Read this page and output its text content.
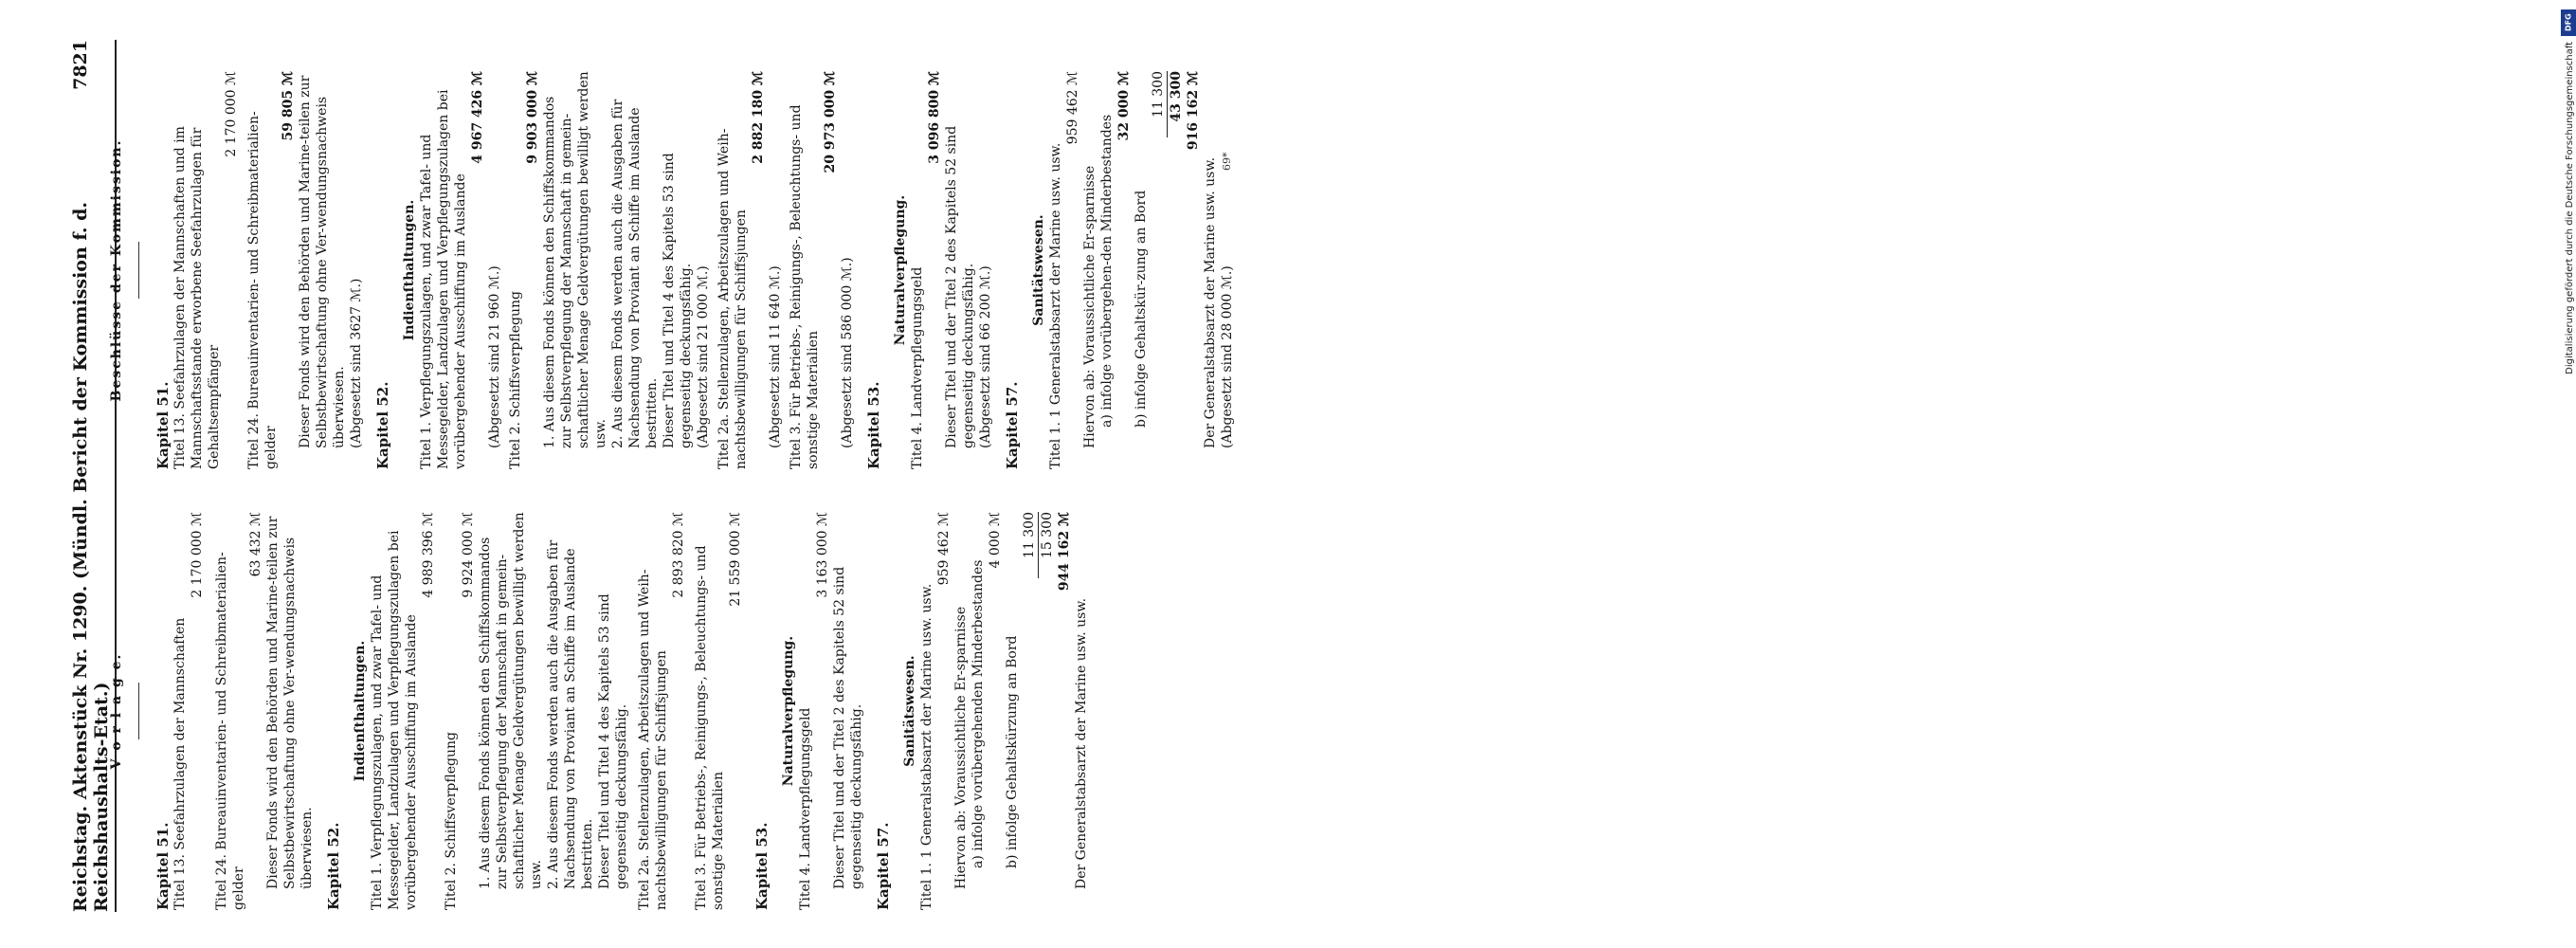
Reichstag. Aktenstück Nr. 1290. (Mündl. Bericht der Kommission f. d. Reichshaushalts-Etat.)
7821
V o r l a g e.
Kapitel 51. Titel 13. Seefahrzulagen der Mannschaften

2 170 000 ℳ Titel 24. Bureauinventarien- und Schreibmaterialien-gelder

63 432 ℳ Dieser Fonds wird den Behörden und Marine-teilen zur Selbstbewirtschaftung ohne Ver-wendungsnachweis überwiesen. Kapitel 52.
Indienſthaltungen. Titel 1. Verpflegungszulagen, und zwar Tafel- und Messegelder, Landzulagen und Verpflegungszulagen bei vorübergehender Ausschiffung im Auslande

4 989 396 ℳ

Titel 2. Schiffsverpflegung

9 924 000 ℳ 1. Aus diesem Fonds können den Schiffskommandos zur Selbstverpflegung der Mannschaft in gemein-schaftlicher Menage Geldvergütungen bewilligt werden usw. 2. Aus diesem Fonds werden auch die Ausgaben für Nachsendung von Proviant an Schiffe im Auslande bestritten. Dieser Titel und Titel 4 des Kapitels 53 sind gegenseitig deckungsfähig. Titel 2a. Stellenzulagen, Arbeitszulagen und Weih-nachtsbewilligungen für Schiffsjungen

2 893 820 ℳ Titel 3. Für Betriebs-, Reinigungs-, Beleuchtungs- und sonstige Materialien

21 559 000 ℳ
Kapitel 53.
Naturalverpflegung. Titel 4. Landverpflegungsgeld

3 163 000 ℳ

Dieser Titel und der Titel 2 des Kapitels 52 sind gegenseitig deckungsfähig. Kapitel 57.
Sanitätswesen. Titel 1. 1 Generalstabsarzt der Marine usw. usw.

959 462 ℳ

Hiervon ab: Voraussichtliche Er-sparnisse a) infolge vorübergehenden Minderbestandes

4 000 ℳ

b) infolge Gehaltskürzung an Bord

11 300 15 300 944 162 ℳ

Der Generalstabsarzt der Marine usw. usw.

Beschlüsse der Kommission.
Kapitel 51. Titel 13. Seefahrzulagen der Mannschaften und im Mannschaftsstande erworbene Seefahrzulagen für Gehaltsempfänger

2 170 000 ℳ Titel 24. Bureauinventarien- und Schreibmaterialien-gelder

59 805 ℳ Dieser Fonds wird den Behörden und Marine-teilen zur Selbstbewirtschaftung ohne Ver-wendungsnachweis überwiesen. (Abgesetzt sind 3627 ℳ.) Kapitel 52.
Indienſthaltungen. Titel 1. Verpflegungszulagen, und zwar Tafel- und Messegelder, Landzulagen und Verpflegungszulagen bei vorübergehender Ausschiffung im Auslande

4 967 426 ℳ

(Abgesetzt sind 21 960 ℳ.) Titel 2. Schiffsverpflegung

9 903 000 ℳ 1. Aus diesem Fonds können den Schiffskommandos zur Selbstverpflegung der Mannschaft in gemein-schaftlicher Menage Geldvergütungen bewilligt werden usw. 2. Aus diesem Fonds werden auch die Ausgaben für Nachsendung von Proviant an Schiffe im Auslande bestritten. Dieser Titel und Titel 4 des Kapitels 53 sind gegenseitig deckungsfähig. (Abgesetzt sind 21 000 ℳ.) Titel 2a. Stellenzulagen, Arbeitszulagen und Weih-nachtsbewilligungen für Schiffsjungen

2 882 180 ℳ

(Abgesetzt sind 11 640 ℳ.) Titel 3. Für Betriebs-, Reinigungs-, Beleuchtungs- und sonstige Materialien

20 973 000 ℳ

(Abgesetzt sind 586 000 ℳ.) Kapitel 53.
Naturalverpflegung. Titel 4. Landverpflegungsgeld

3 096 800 ℳ

Dieser Titel und der Titel 2 des Kapitels 52 sind gegenseitig deckungsfähig. (Abgesetzt sind 66 200 ℳ.) Kapitel 57.
Sanitätswesen. Titel 1. 1 Generalstabsarzt der Marine usw. usw.

959 462 ℳ

Hiervon ab: Voraussichtliche Er-sparnisse a) infolge vorübergehen-den Minderbestandes

32 000 ℳ

b) infolge Gehaltskür-zung an Bord

11 300 43 300 916 162 ℳ

Der Generalstabsarzt der Marine usw. usw. (Abgesetzt sind 28 000 ℳ.)

69*
DFG
Digitalisierung gefördert durch die Deutsche Forschungsgemeinschaft
